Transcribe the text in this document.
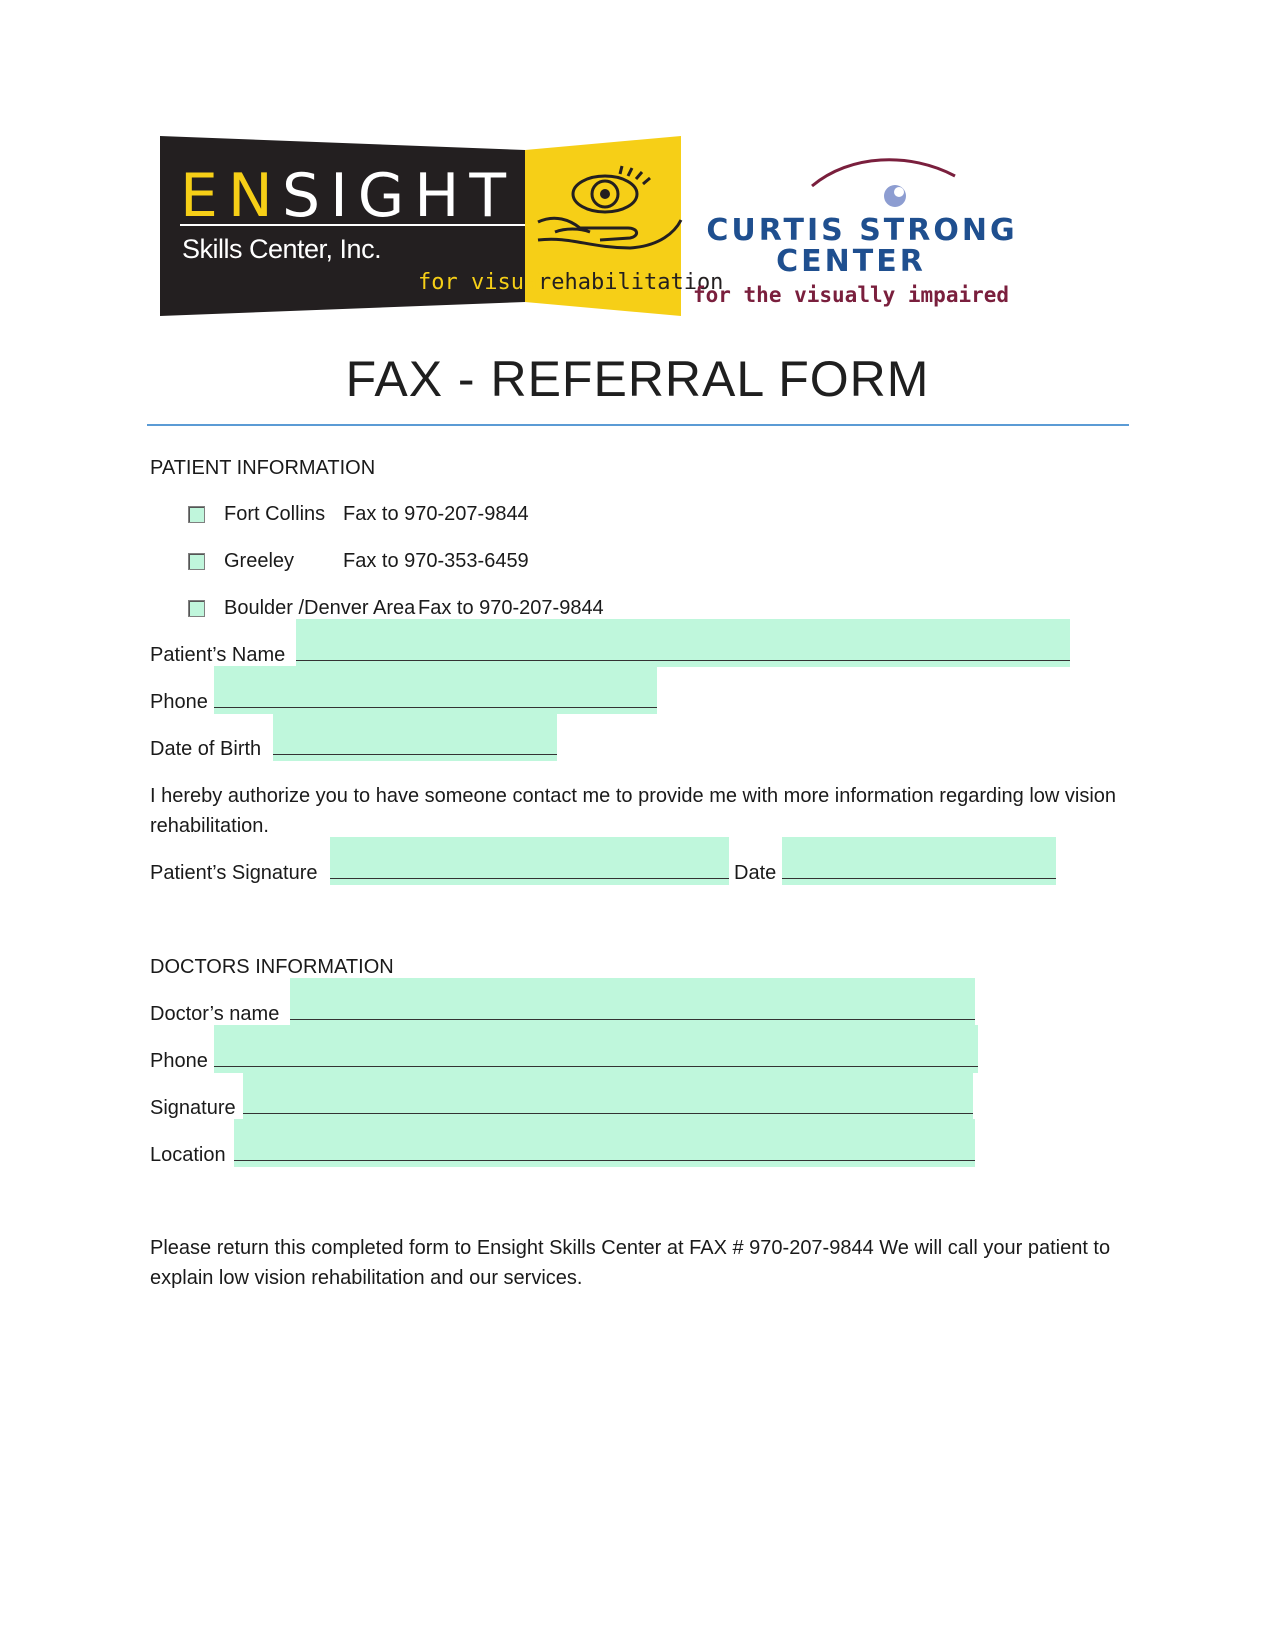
EN SIGHT
Skills Center, Inc.
for visual
rehabilitation
CURTIS STRONG
CENTER
for the visually impaired
FAX - REFERRAL FORM
PATIENT INFORMATION
Fort Collins Fax to 970-207-9844
Greeley Fax to 970-353-6459
Boulder /Denver Area Fax to 970-207-9844
Patient’s Name
Phone
Date of Birth
I hereby authorize you to have someone contact me to provide me with more information regarding low vision rehabilitation.
Patient’s Signature	Date
DOCTORS INFORMATION
Doctor’s name
Phone
Signature
Location
Please return this completed form to Ensight Skills Center at FAX # 970-207-9844 We will call your patient to explain low vision rehabilitation and our services.
